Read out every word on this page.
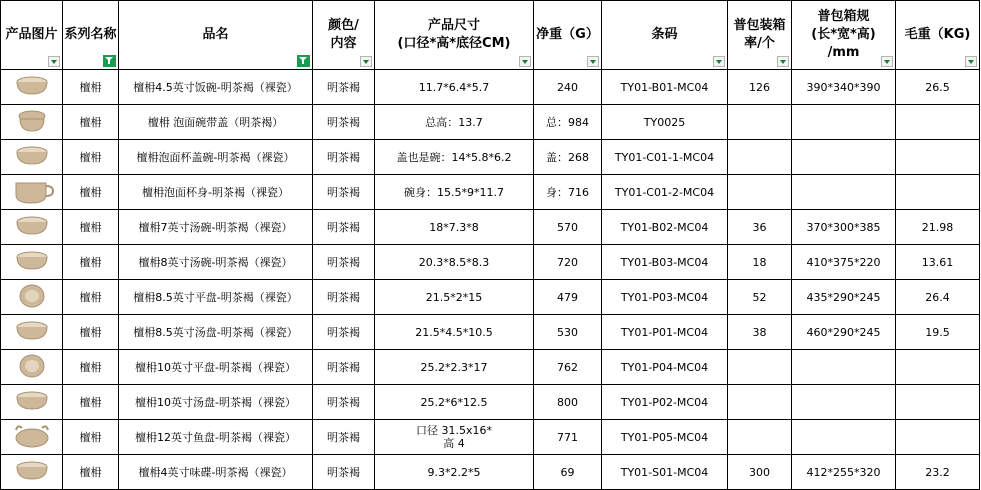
产品图片	系列名称	品名	颜色/
内容	产品尺寸
(口径*高*底径CM)	净重（G）	条码	普包装箱
率/个	普包箱规
(长*宽*高)
/mm	毛重（KG)

	檀枏	檀枏4.5英寸饭碗-明茶褐（裸瓷）	明茶褐	11.7*6.4*5.7	240	TY01-B01-MC04	126	390*340*390	26.5
	檀枏	檀枏 泡面碗带盖（明茶褐）	明茶褐	总高：13.7	总：984	TY0025			
	檀枏	檀枏泡面杯盖碗-明茶褐（裸瓷）	明茶褐	盖也是碗：14*5.8*6.2	盖：268	TY01-C01-1-MC04			
	檀枏	檀枏泡面杯身-明茶褐（裸瓷）	明茶褐	碗身：15.5*9*11.7	身：716	TY01-C01-2-MC04			
	檀枏	檀枏7英寸汤碗-明茶褐（裸瓷）	明茶褐	18*7.3*8	570	TY01-B02-MC04	36	370*300*385	21.98
	檀枏	檀枏8英寸汤碗-明茶褐（裸瓷）	明茶褐	20.3*8.5*8.3	720	TY01-B03-MC04	18	410*375*220	13.61
	檀枏	檀枏8.5英寸平盘-明茶褐（裸瓷）	明茶褐	21.5*2*15	479	TY01-P03-MC04	52	435*290*245	26.4
	檀枏	檀枏8.5英寸汤盘-明茶褐（裸瓷）	明茶褐	21.5*4.5*10.5	530	TY01-P01-MC04	38	460*290*245	19.5
	檀枏	檀枏10英寸平盘-明茶褐（裸瓷）	明茶褐	25.2*2.3*17	762	TY01-P04-MC04			
	檀枏	檀枏10英寸汤盘-明茶褐（裸瓷）	明茶褐	25.2*6*12.5	800	TY01-P02-MC04			
	檀枏	檀枏12英寸鱼盘-明茶褐（裸瓷）	明茶褐	口径 31.5x16*
高 4	771	TY01-P05-MC04			
	檀枏	檀枏4英寸味碟-明茶褐（裸瓷）	明茶褐	9.3*2.2*5	69	TY01-S01-MC04	300	412*255*320	23.2
